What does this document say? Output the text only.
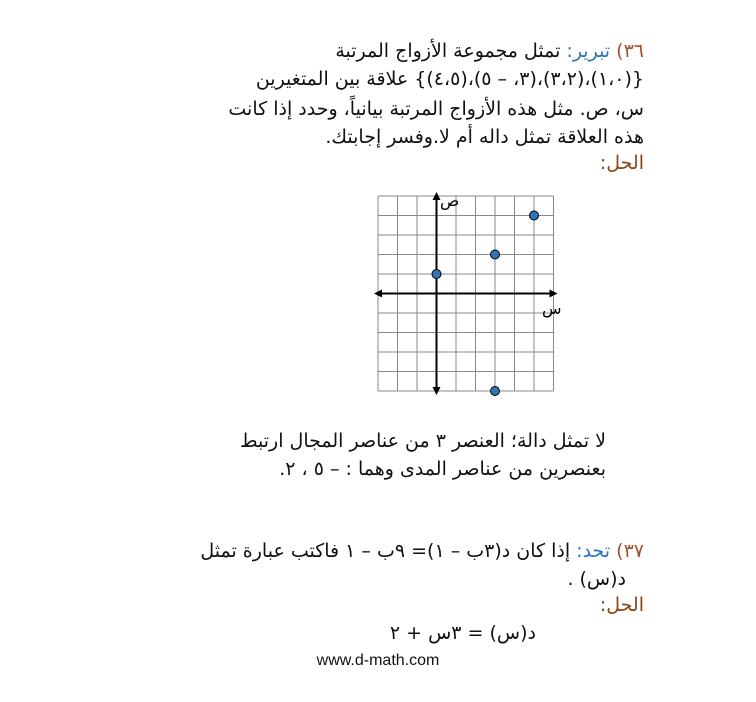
٣٦) تبرير: تمثل مجموعة الأزواج المرتبة
{(١،٠)،(٣،٢)،(٣، – ٥)،(٤،٥)} علاقة بين المتغيرين
س، ص. مثل هذه الأزواج المرتبة بيانياً، وحدد إذا كانت
هذه العلاقة تمثل داله أم لا.وفسر إجابتك.
الحل:
ص
س
لا تمثل دالة؛ العنصر ٣ من عناصر المجال ارتبط
بعنصرين من عناصر المدى وهما : – ٥ ، ٢.
٣٧) تحد: إذا كان د(٣ب – ١)= ٩ب – ١ فاكتب عبارة تمثل
د(س) .
الحل:
د(س) = ٣س + ٢
www.d-math.com
